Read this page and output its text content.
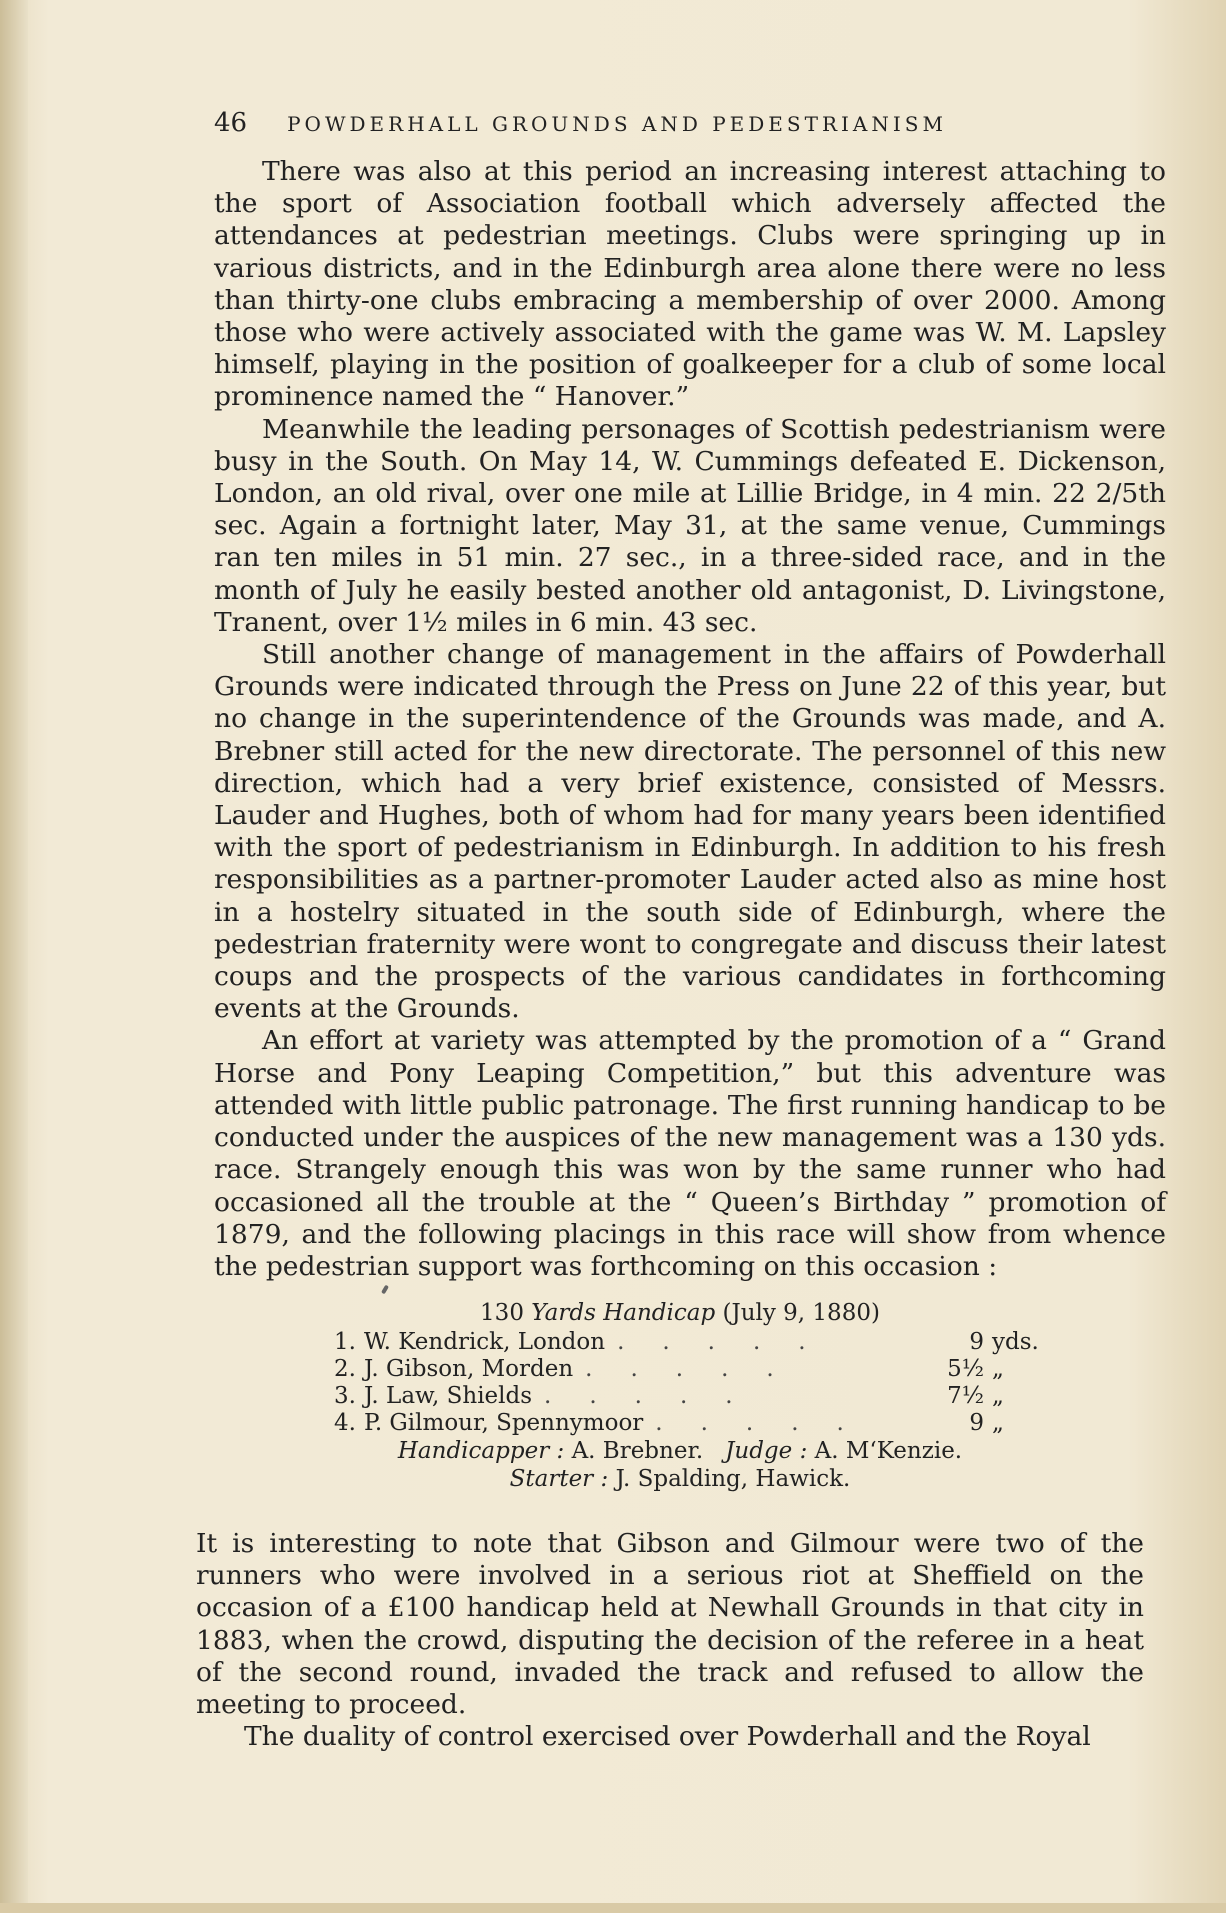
46 POWDERHALL GROUNDS AND PEDESTRIANISM

There was also at this period an increasing interest attaching to the sport of Association football which adversely affected the attendances at pedestrian meetings. Clubs were springing up in various districts, and in the Edinburgh area alone there were no less than thirty-one clubs embracing a membership of over 2000. Among those who were actively associated with the game was W. M. Lapsley himself, playing in the position of goalkeeper for a club of some local prominence named the “ Hanover.”

Meanwhile the leading personages of Scottish pedestrianism were busy in the South. On May 14, W. Cummings defeated E. Dickenson, London, an old rival, over one mile at Lillie Bridge, in 4 min. 22 2/5th sec. Again a fortnight later, May 31, at the same venue, Cummings ran ten miles in 51 min. 27 sec., in a three-sided race, and in the month of July he easily bested another old antagonist, D. Livingstone, Tranent, over 1½ miles in 6 min. 43 sec.

Still another change of management in the affairs of Powderhall Grounds were indicated through the Press on June 22 of this year, but no change in the superintendence of the Grounds was made, and A. Brebner still acted for the new directorate. The personnel of this new direction, which had a very brief existence, consisted of Messrs. Lauder and Hughes, both of whom had for many years been identified with the sport of pedestrianism in Edinburgh. In addition to his fresh responsibilities as a partner-promoter Lauder acted also as mine host in a hostelry situated in the south side of Edinburgh, where the pedestrian fraternity were wont to congregate and discuss their latest coups and the prospects of the various candidates in forthcoming events at the Grounds.

An effort at variety was attempted by the promotion of a “ Grand Horse and Pony Leaping Competition,” but this adventure was attended with little public patronage. The first running handicap to be conducted under the auspices of the new management was a 130 yds. race. Strangely enough this was won by the same runner who had occasioned all the trouble at the “ Queen’s Birthday ” promotion of 1879, and the following placings in this race will show from whence the pedestrian support was forthcoming on this occasion :

130 Yards Handicap (July 9, 1880)
1. W. Kendrick, London .....	9 yds.
2. J. Gibson, Morden .....	5½ „
3. J. Law, Shields .....	7½ „
4. P. Gilmour, Spennymoor .....	9 „
Handicapper : A. Brebner. Judge : A. M‘Kenzie.
Starter : J. Spalding, Hawick.

It is interesting to note that Gibson and Gilmour were two of the runners who were involved in a serious riot at Sheffield on the occasion of a £100 handicap held at Newhall Grounds in that city in 1883, when the crowd, disputing the decision of the referee in a heat of the second round, invaded the track and refused to allow the meeting to proceed.

The duality of control exercised over Powderhall and the Royal
